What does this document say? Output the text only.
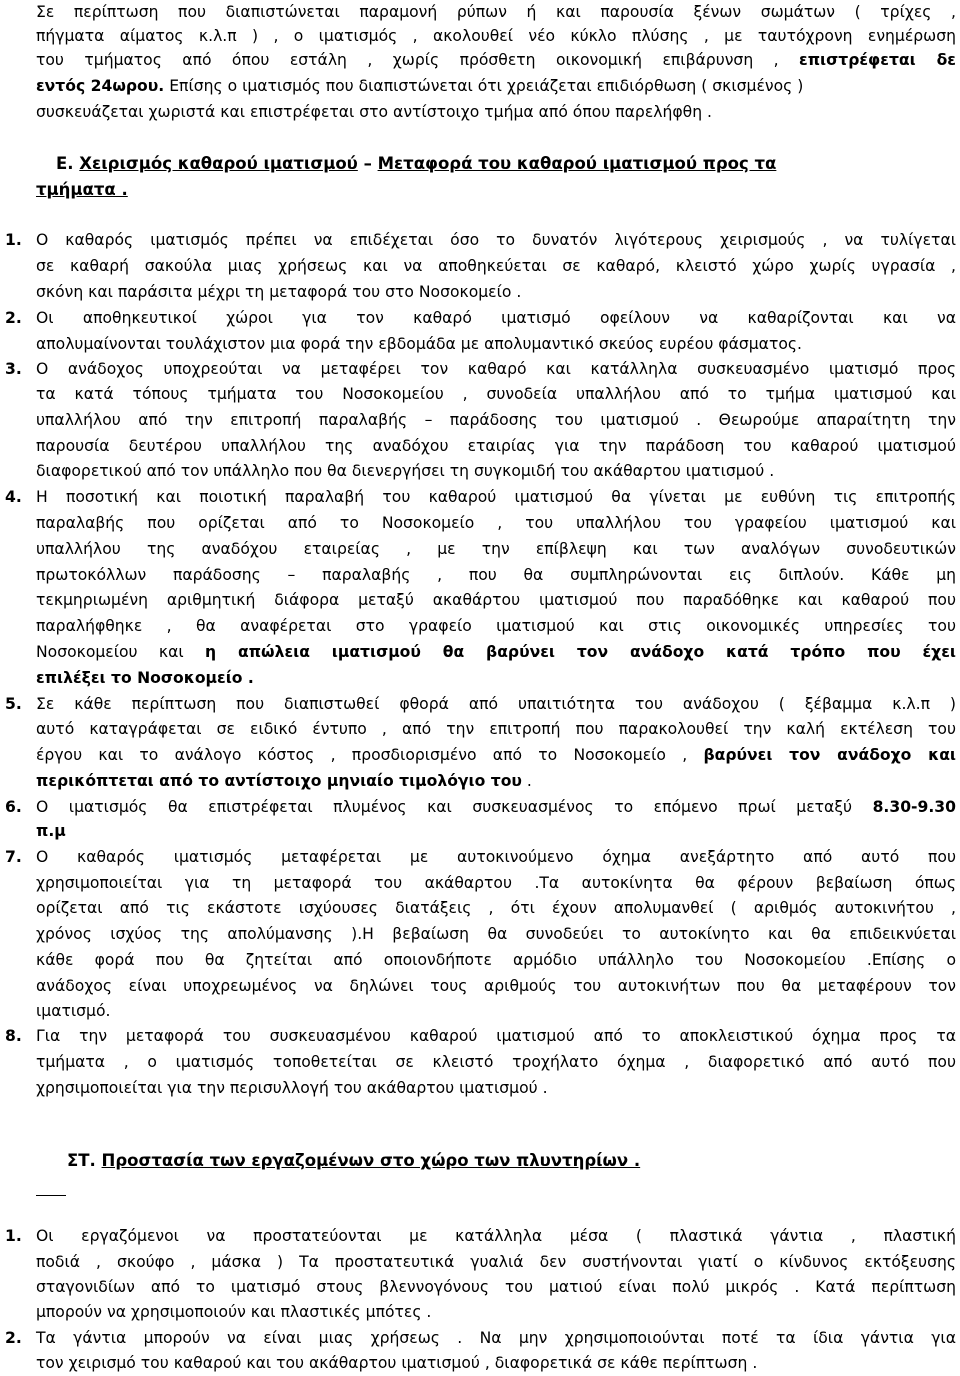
Σε περίπτωση που διαπιστώνεται παραμονή ρύπων ή και παρουσία ξένων σωμάτων ( τρίχες ,
πήγματα αίματος κ.λ.π ) , ο ιματισμός , ακολουθεί νέο κύκλο πλύσης , με ταυτόχρονη ενημέρωση
του τμήματος από όπου εστάλη , χωρίς πρόσθετη οικονομική επιβάρυνση , επιστρέφεται δε
εντός 24ωρου. Επίσης ο ιματισμός που διαπιστώνεται ότι χρειάζεται επιδιόρθωση ( σκισμένος )
συσκευάζεται χωριστά και επιστρέφεται στο αντίστοιχο τμήμα από όπου παρελήφθη .
Ε. Χειρισμός καθαρού ιματισμού – Μεταφορά του καθαρού ιματισμού προς τα
τμήματα .
1. Ο καθαρός ιματισμός πρέπει να επιδέχεται όσο το δυνατόν λιγότερους χειρισμούς , να τυλίγεται
σε καθαρή σακούλα μιας χρήσεως και να αποθηκεύεται σε καθαρό, κλειστό χώρο χωρίς υγρασία ,
σκόνη και παράσιτα μέχρι τη μεταφορά του στο Νοσοκομείο .
2. Οι αποθηκευτικοί χώροι για τον καθαρό ιματισμό οφείλουν να καθαρίζονται και να
απολυμαίνονται τουλάχιστον μια φορά την εβδομάδα με απολυμαντικό σκεύος ευρέου φάσματος.
3. Ο ανάδοχος υποχρεούται να μεταφέρει τον καθαρό και κατάλληλα συσκευασμένο ιματισμό προς
τα κατά τόπους τμήματα του Νοσοκομείου , συνοδεία υπαλλήλου από το τμήμα ιματισμού και
υπαλλήλου από την επιτροπή παραλαβής – παράδοσης του ιματισμού . Θεωρούμε απαραίτητη την
παρουσία δευτέρου υπαλλήλου της αναδόχου εταιρίας για την παράδοση του καθαρού ιματισμού
διαφορετικού από τον υπάλληλο που θα διενεργήσει τη συγκομιδή του ακάθαρτου ιματισμού .
4. Η ποσοτική και ποιοτική παραλαβή του καθαρού ιματισμού θα γίνεται με ευθύνη τις επιτροπής
παραλαβής που ορίζεται από το Νοσοκομείο , του υπαλλήλου του γραφείου ιματισμού και
υπαλλήλου της αναδόχου εταιρείας , με την επίβλεψη και των αναλόγων συνοδευτικών
πρωτοκόλλων παράδοσης – παραλαβής , που θα συμπληρώνονται εις διπλούν. Κάθε μη
τεκμηριωμένη αριθμητική διάφορα μεταξύ ακαθάρτου ιματισμού που παραδόθηκε και καθαρού που
παραλήφθηκε , θα αναφέρεται στο γραφείο ιματισμού και στις οικονομικές υπηρεσίες του
Νοσοκομείου και η απώλεια ιματισμού θα βαρύνει τον ανάδοχο κατά τρόπο που έχει
επιλέξει το Νοσοκομείο .
5. Σε κάθε περίπτωση που διαπιστωθεί φθορά από υπαιτιότητα του ανάδοχου ( ξέβαμμα κ.λ.π )
αυτό καταγράφεται σε ειδικό έντυπο , από την επιτροπή που παρακολουθεί την καλή εκτέλεση του
έργου και το ανάλογο κόστος , προσδιορισμένο από το Νοσοκομείο , βαρύνει τον ανάδοχο και
περικόπτεται από το αντίστοιχο μηνιαίο τιμολόγιο του .
6. Ο ιματισμός θα επιστρέφεται πλυμένος και συσκευασμένος το επόμενο πρωί μεταξύ 8.30-9.30
π.μ
7. Ο καθαρός ιματισμός μεταφέρεται με αυτοκινούμενο όχημα ανεξάρτητο από αυτό που
χρησιμοποιείται για τη μεταφορά του ακάθαρτου .Τα αυτοκίνητα θα φέρουν βεβαίωση όπως
ορίζεται από τις εκάστοτε ισχύουσες διατάξεις , ότι έχουν απολυμανθεί ( αριθμός αυτοκινήτου ,
χρόνος ισχύος της απολύμανσης ).Η βεβαίωση θα συνοδεύει το αυτοκίνητο και θα επιδεικνύεται
κάθε φορά που θα ζητείται από οποιονδήποτε αρμόδιο υπάλληλο του Νοσοκομείου .Επίσης ο
ανάδοχος είναι υποχρεωμένος να δηλώνει τους αριθμούς του αυτοκινήτων που θα μεταφέρουν τον
ιματισμό.
8. Για την μεταφορά του συσκευασμένου καθαρού ιματισμού από το αποκλειστικού όχημα προς τα
τμήματα , ο ιματισμός τοποθετείται σε κλειστό τροχήλατο όχημα , διαφορετικό από αυτό που
χρησιμοποιείται για την περισυλλογή του ακάθαρτου ιματισμού .
ΣΤ. Προστασία των εργαζομένων στο χώρο των πλυντηρίων .
1. Οι εργαζόμενοι να προστατεύονται με κατάλληλα μέσα ( πλαστικά γάντια , πλαστική
ποδιά , σκούφο , μάσκα ) Τα προστατευτικά γυαλιά δεν συστήνονται γιατί ο κίνδυνος εκτόξευσης
σταγονιδίων από το ιματισμό στους βλεννογόνους του ματιού είναι πολύ μικρός . Κατά περίπτωση
μπορούν να χρησιμοποιούν και πλαστικές μπότες .
2. Τα γάντια μπορούν να είναι μιας χρήσεως . Να μην χρησιμοποιούνται ποτέ τα ίδια γάντια για
τον χειρισμό του καθαρού και του ακάθαρτου ιματισμού , διαφορετικά σε κάθε περίπτωση .
